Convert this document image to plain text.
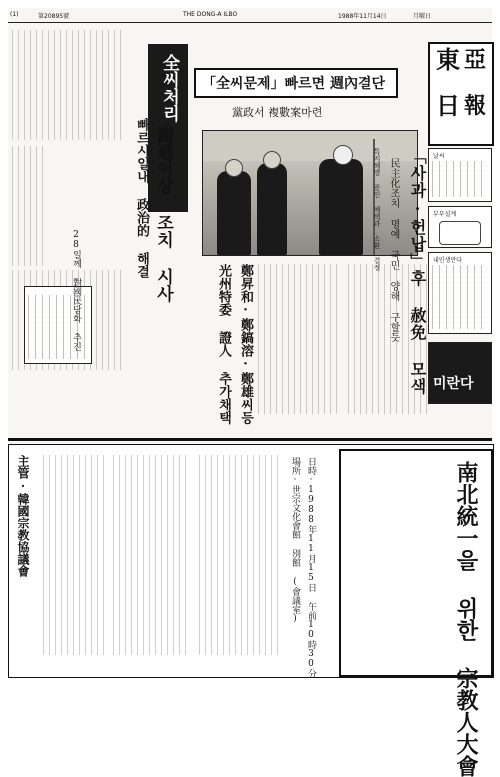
(1)	第20895號	THE DONG-A ILBO	1988年11月14日	月曜日
東 亞
日 報
全씨처리
謝過이상 조치 시사
빠르시일내 政治的 해결
28일께 對國民담화 추진
「全씨문제」빠르면 週內결단
黨政서 複數案마련
鄭昇和·鄭鎬溶·鄭雄씨등
光州特委 證人 추가채택	「사과·헌납」후 赦免 모색
民主化조치 명예 국민 양해 구할듯
특지해명 증인 채택과 소환 결정	날씨
부부설계
내인생만다
미란다
南北統一을 위한 宗教人大會
主管·韓國宗教協議會	日時·1988年11月15日 午前10時30分
場所·世宗文化會館 別館 (會議室)
